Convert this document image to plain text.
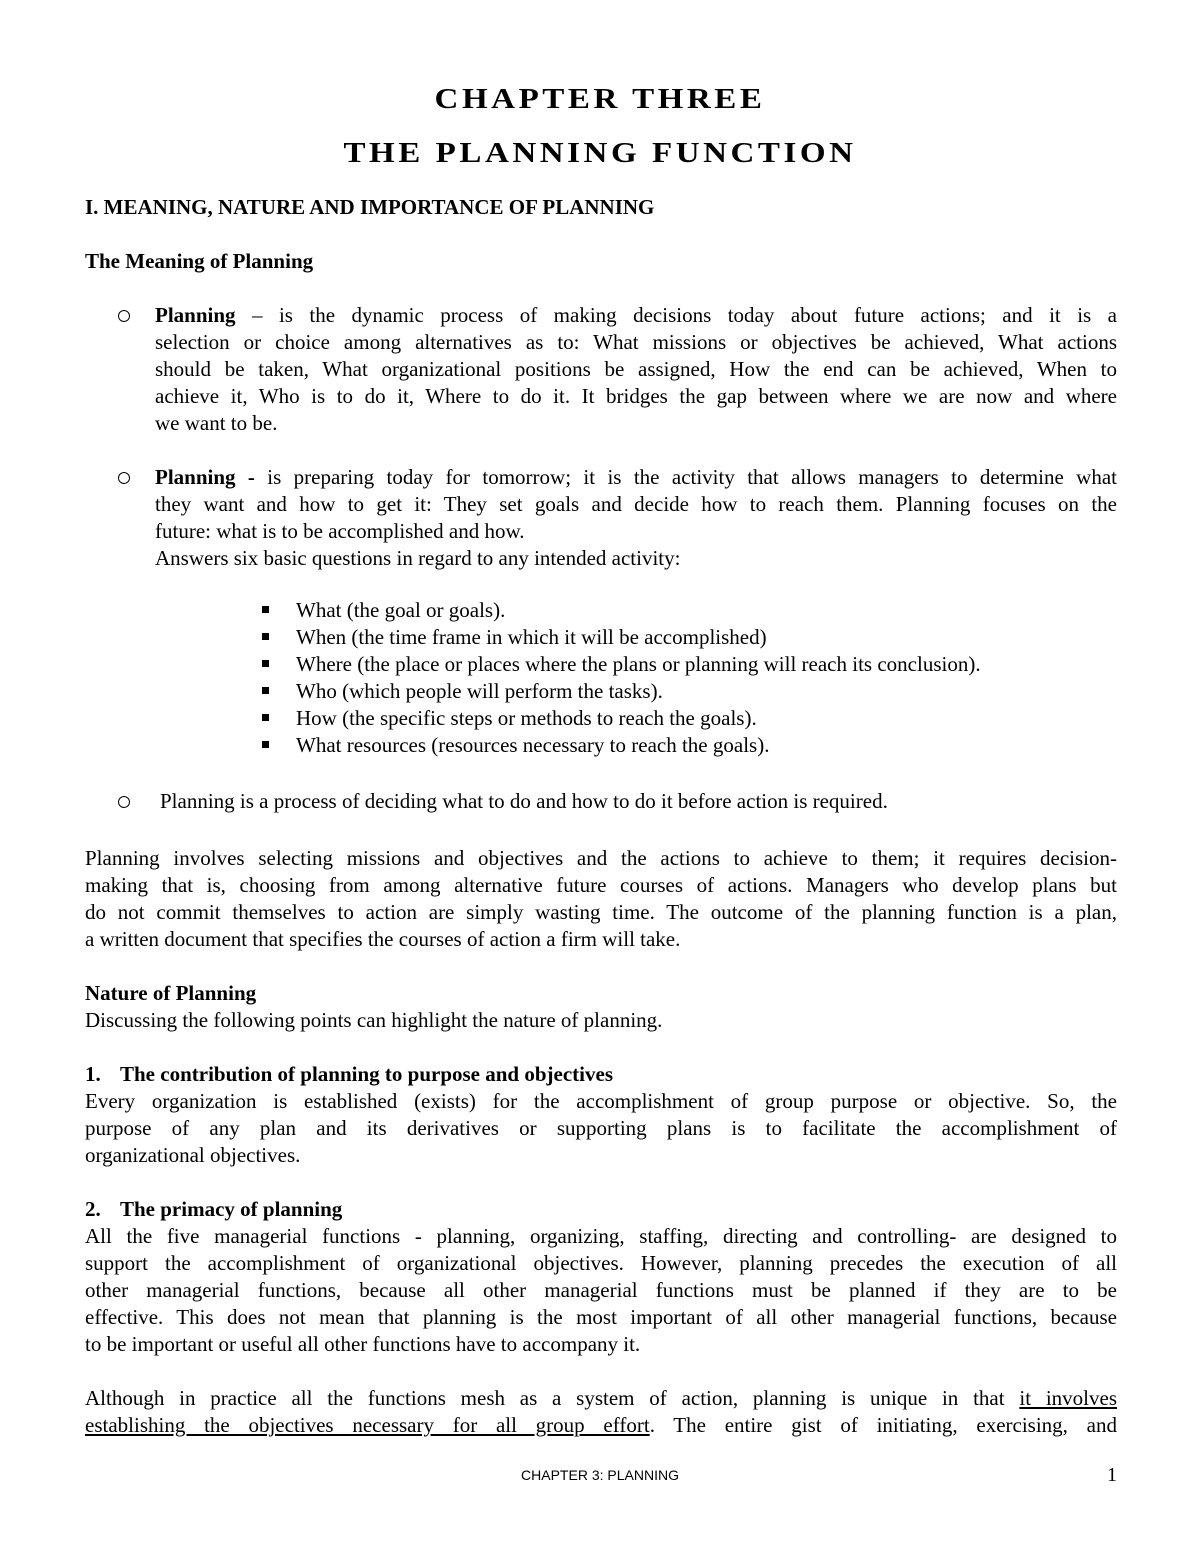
CHAPTER THREE
THE PLANNING FUNCTION
I. MEANING, NATURE AND IMPORTANCE OF PLANNING
The Meaning of Planning
Planning – is the dynamic process of making decisions today about future actions; and it is a
selection or choice among alternatives as to: What missions or objectives be achieved, What actions
should be taken, What organizational positions be assigned, How the end can be achieved, When to
achieve it, Who is to do it, Where to do it. It bridges the gap between where we are now and where
we want to be.
Planning - is preparing today for tomorrow; it is the activity that allows managers to determine what
they want and how to get it: They set goals and decide how to reach them. Planning focuses on the
future: what is to be accomplished and how.
Answers six basic questions in regard to any intended activity:
What (the goal or goals).
When (the time frame in which it will be accomplished)
Where (the place or places where the plans or planning will reach its conclusion).
Who (which people will perform the tasks).
How (the specific steps or methods to reach the goals).
What resources (resources necessary to reach the goals).
Planning is a process of deciding what to do and how to do it before action is required.
Planning involves selecting missions and objectives and the actions to achieve to them; it requires decision-
making that is, choosing from among alternative future courses of actions. Managers who develop plans but
do not commit themselves to action are simply wasting time. The outcome of the planning function is a plan,
a written document that specifies the courses of action a firm will take.
Nature of Planning
Discussing the following points can highlight the nature of planning.
1. The contribution of planning to purpose and objectives
Every organization is established (exists) for the accomplishment of group purpose or objective. So, the
purpose of any plan and its derivatives or supporting plans is to facilitate the accomplishment of
organizational objectives.
2. The primacy of planning
All the five managerial functions - planning, organizing, staffing, directing and controlling- are designed to
support the accomplishment of organizational objectives. However, planning precedes the execution of all
other managerial functions, because all other managerial functions must be planned if they are to be
effective. This does not mean that planning is the most important of all other managerial functions, because
to be important or useful all other functions have to accompany it.
Although in practice all the functions mesh as a system of action, planning is unique in that it involves
establishing the objectives necessary for all group effort. The entire gist of initiating, exercising, and
CHAPTER 3: PLANNING	1
